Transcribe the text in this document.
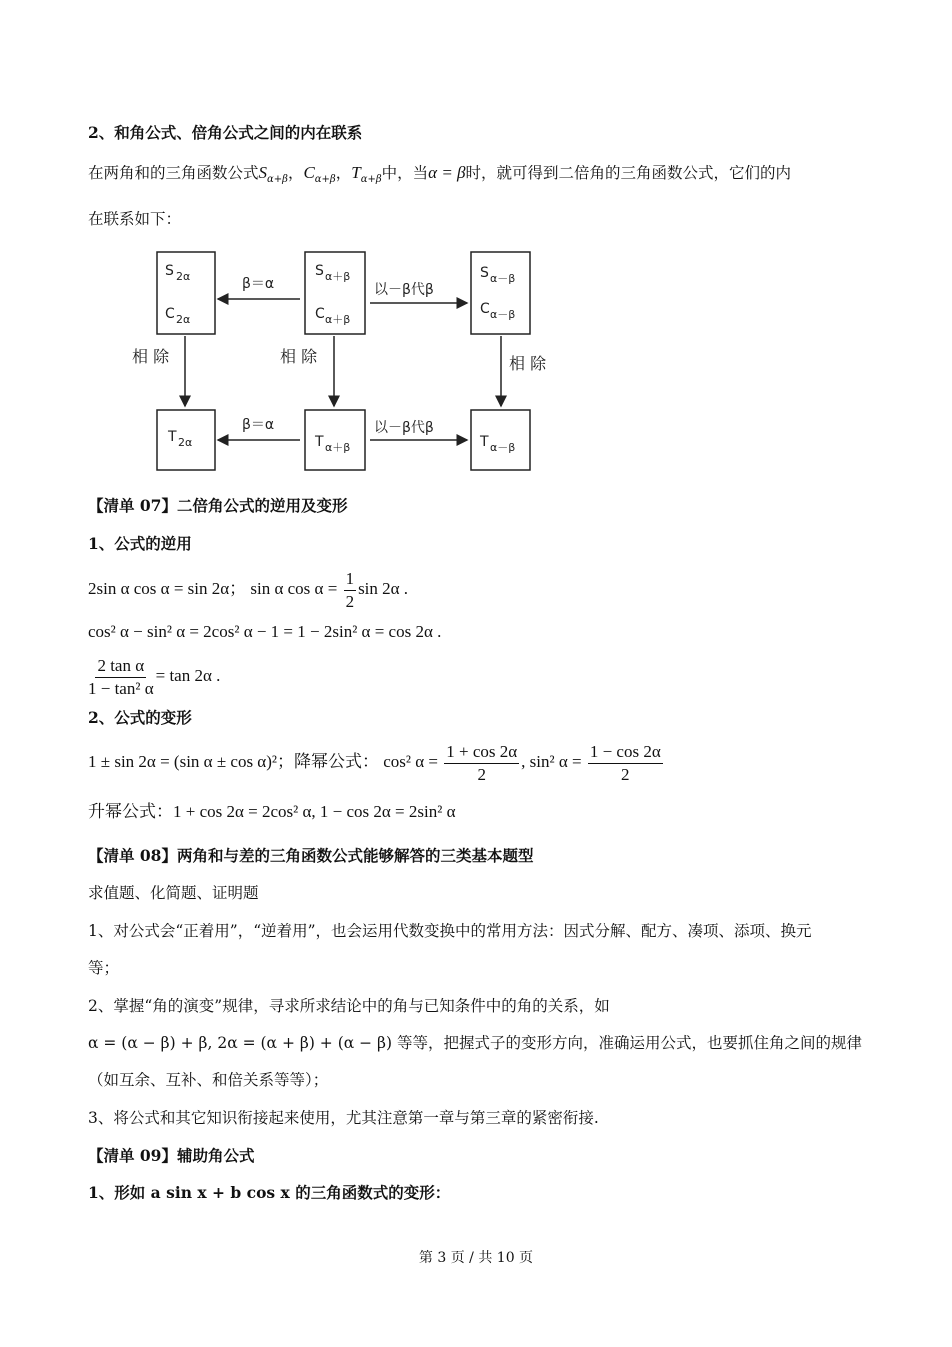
2、和角公式、倍角公式之间的内在联系
在两角和的三角函数公式$S_{\alpha+\beta}$，$C_{\alpha+\beta}$，$T_{\alpha+\beta}$中，当α = β时，就可得到二倍角的三角函数公式，它们的内
在联系如下：
S 2α
C 2α
S α＋β
C α＋β
S α－β
C α－β
T 2α	T α＋β	T α－β
β＝α
β＝α
以－β代β
以－β代β
相 除	相 除	相 除
【清单 07】二倍角公式的逆用及变形
1、公式的逆用
2sin α cos α = sin 2α； sin α $\cos \alpha = \frac{1}{2}$ sin 2α .
cos² α − sin² α = 2cos² α − 1 = 1 − 2sin² α = cos 2α .
$\frac{\text{2 tan α}}{\text{1 − tan² α}} = \tan 2\alpha$ .
2、公式的变形
1 ± sin 2α = (sin α ± cos α)²；降幂公式： cos² $\alpha = \frac{1 + \cos 2\alpha}{2}$ , sin² $\alpha = \frac{1 - \cos 2\alpha}{2}$
升幂公式：1 + cos 2α = 2cos² α, 1 − cos 2α = 2sin² α
【清单 08】两角和与差的三角函数公式能够解答的三类基本题型
求值题、化简题、证明题
1、对公式会“正着用”，“逆着用”，也会运用代数变换中的常用方法：因式分解、配方、凑项、添项、换元
等；
2、掌握“角的演变”规律，寻求所求结论中的角与已知条件中的角的关系，如
α = (α − β) + β, 2α = (α + β) + (α − β) 等等，把握式子的变形方向，准确运用公式，也要抓住角之间的规律
（如互余、互补、和倍关系等等）；
3、将公式和其它知识衔接起来使用，尤其注意第一章与第三章的紧密衔接.
【清单 09】辅助角公式
1、形如 a sin x + b cos x 的三角函数式的变形：
第 3 页 / 共 10 页
